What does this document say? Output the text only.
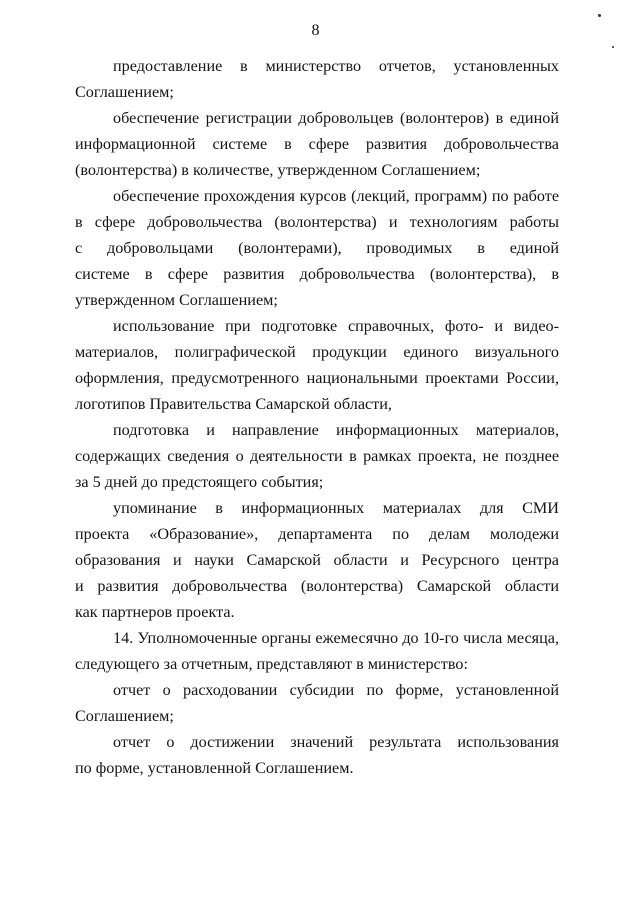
8
предоставление в министерство отчетов, установленных
Соглашением;
обеспечение регистрации добровольцев (волонтеров) в единой
информационной системе в сфере развития добровольчества
(волонтерства) в количестве, утвержденном Соглашением;
обеспечение прохождения курсов (лекций, программ) по работе
в сфере добровольчества (волонтерства) и технологиям работы
с добровольцами (волонтерами), проводимых в единой
системе в сфере развития добровольчества (волонтерства), в
утвержденном Соглашением;
использование при подготовке справочных, фото- и видео-
материалов, полиграфической продукции единого визуального
оформления, предусмотренного национальными проектами России,
логотипов Правительства Самарской области,
подготовка и направление информационных материалов,
содержащих сведения о деятельности в рамках проекта, не позднее
за 5 дней до предстоящего события;
упоминание в информационных материалах для СМИ
проекта «Образование», департамента по делам молодежи
образования и науки Самарской области и Ресурсного центра
и развития добровольчества (волонтерства) Самарской области
как партнеров проекта.
14. Уполномоченные органы ежемесячно до 10-го числа месяца,
следующего за отчетным, представляют в министерство:
отчет о расходовании субсидии по форме, установленной
Соглашением;
отчет о достижении значений результата использования
по форме, установленной Соглашением.
